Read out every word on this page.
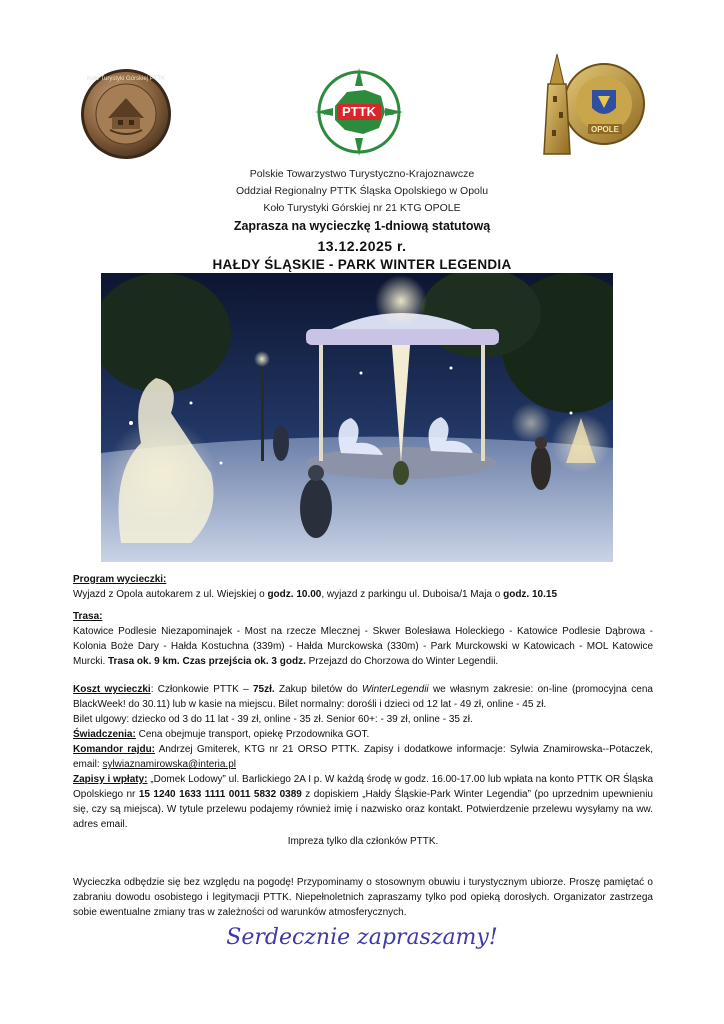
Koło Turystyki Górskiej PTTK
PTTK
N
S
W	E
OPOLE
Polskie Towarzystwo Turystyczno-Krajoznawcze
Oddział Regionalny PTTK Śląska Opolskiego w Opolu
Koło Turystyki Górskiej nr 21 KTG OPOLE
Zaprasza na wycieczkę 1-dniową statutową
13.12.2025 r.
HAŁDY ŚLĄSKIE - PARK WINTER LEGENDIA
Program wycieczki:
Wyjazd z Opola autokarem z ul. Wiejskiej o godz. 10.00, wyjazd z parkingu ul. Duboisa/1 Maja o godz. 10.15
Trasa:
Katowice Podlesie Niezapominajek - Most na rzecze Mlecznej - Skwer Bolesława Holeckiego - Katowice Podlesie Dąbrowa - Kolonia Boże Dary - Hałda Kostuchna (339m) - Hałda Murckowska (330m) - Park Murckowski w Katowicach - MOL Katowice Murcki. Trasa ok. 9 km. Czas przejścia ok. 3 godz. Przejazd do Chorzowa do Winter Legendii.
Koszt wycieczki: Członkowie PTTK – 75zł. Zakup biletów do WinterLegendii we własnym zakresie: on-line (promocyjna cena BlackWeek! do 30.11) lub w kasie na miejscu. Bilet normalny: dorośli i dzieci od 12 lat - 49 zł, online - 45 zł.
Bilet ulgowy: dziecko od 3 do 11 lat - 39 zł, online - 35 zł. Senior 60+: - 39 zł, online - 35 zł.
Świadczenia: Cena obejmuje transport, opiekę Przodownika GOT.
Komandor rajdu: Andrzej Gmiterek, KTG nr 21 ORSO PTTK. Zapisy i dodatkowe informacje: Sylwia Znamirowska--Potaczek, email: sylwiaznamirowska@interia.pl
Zapisy i wpłaty: „Domek Lodowy” ul. Barlickiego 2A I p. W każdą środę w godz. 16.00-17.00 lub wpłata na konto PTTK OR Śląska Opolskiego nr 15 1240 1633 1111 0011 5832 0389 z dopiskiem „Hałdy Śląskie-Park Winter Legendia” (po uprzednim upewnieniu się, czy są miejsca). W tytule przelewu podajemy również imię i nazwisko oraz kontakt. Potwierdzenie przelewu wysyłamy na ww. adres email.
Impreza tylko dla członków PTTK.
Wycieczka odbędzie się bez względu na pogodę! Przypominamy o stosownym obuwiu i turystycznym ubiorze. Proszę pamiętać o zabraniu dowodu osobistego i legitymacji PTTK. Niepełnoletnich zapraszamy tylko pod opieką dorosłych. Organizator zastrzega sobie ewentualne zmiany tras w zależności od warunków atmosferycznych.
Serdecznie zapraszamy!
